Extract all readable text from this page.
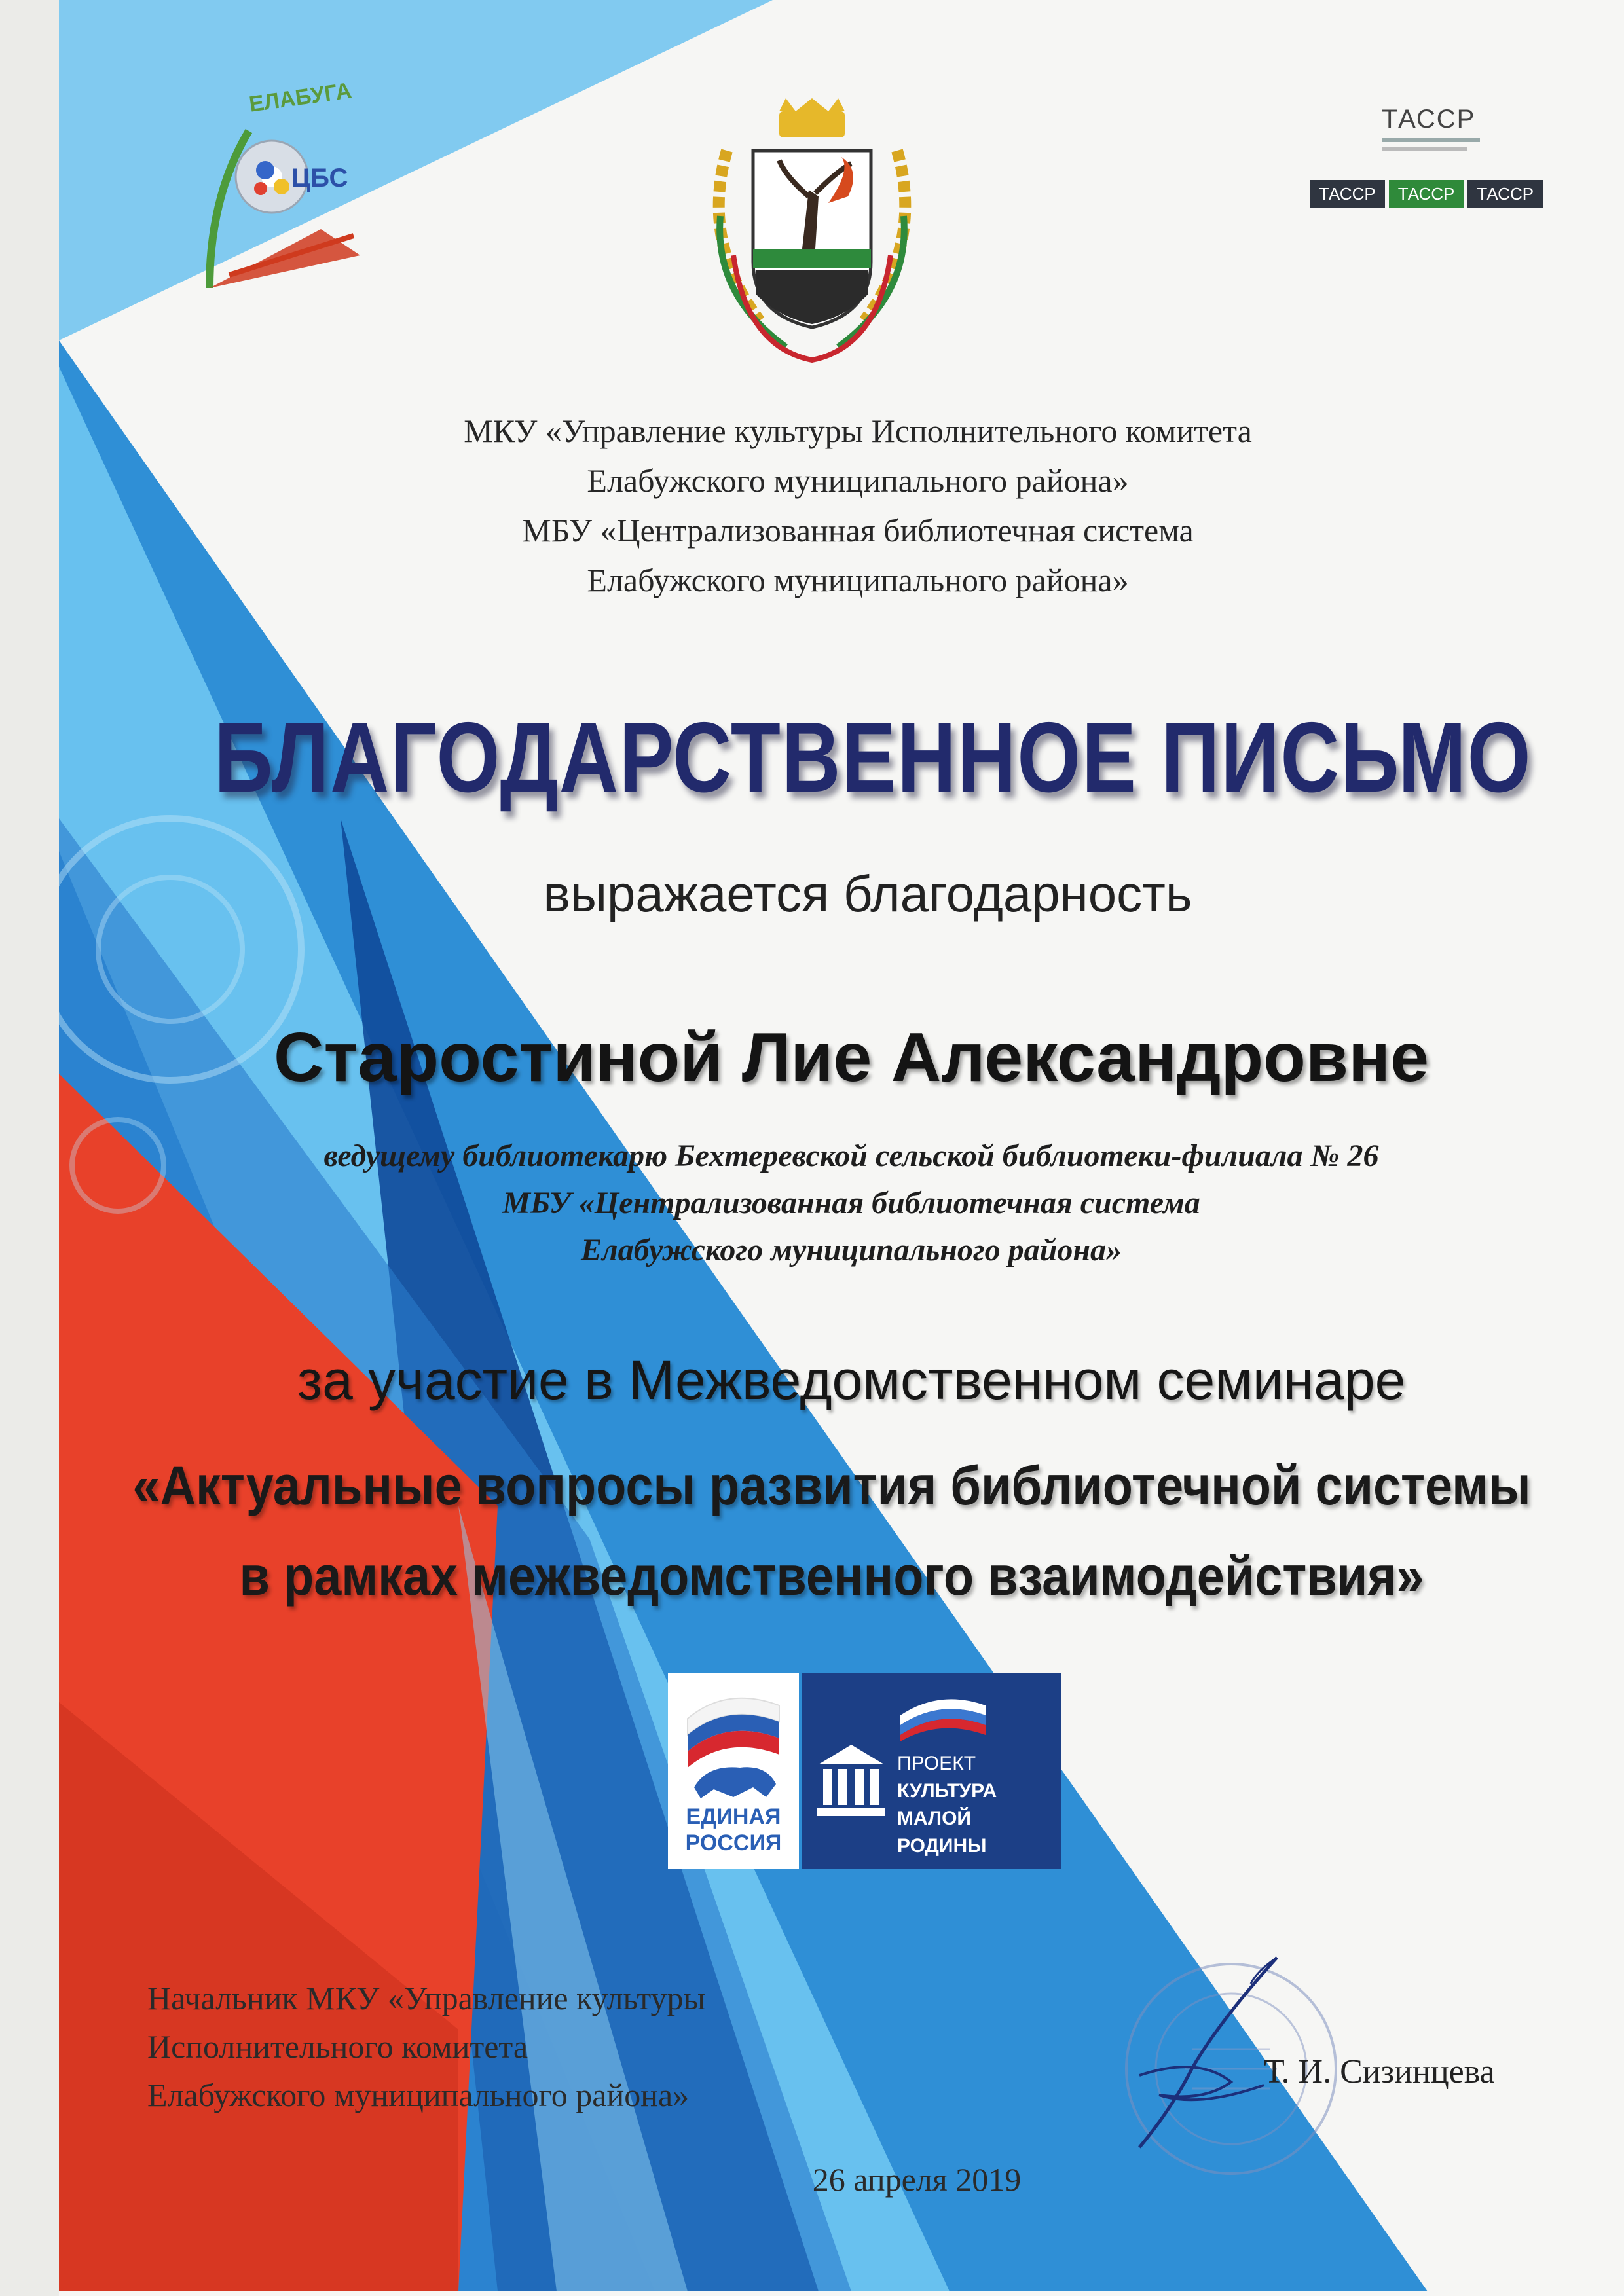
ЦБС
ЕЛАБУГА
ТАССР
ТАССР	ТАССР	ТАССР
МКУ «Управление культуры Исполнительного комитета
Елабужского муниципального района»
МБУ «Централизованная библиотечная система
Елабужского муниципального района»
БЛАГОДАРСТВЕННОЕ ПИСЬМО
выражается благодарность
Старостиной Лие Александровне
ведущему библиотекарю Бехтеревской сельской библиотеки-филиала № 26
МБУ «Централизованная библиотечная система
Елабужского муниципального района»
за участие в Межведомственном семинаре
«Актуальные вопросы развития библиотечной системы
в рамках межведомственного взаимодействия»
ЕДИНАЯ
РОССИЯ
ПРОЕКТ
КУЛЬТУРА
МАЛОЙ РОДИНЫ
Начальник МКУ «Управление культуры
Исполнительного комитета
Елабужского муниципального района»
Т. И. Сизинцева
26 апреля 2019
